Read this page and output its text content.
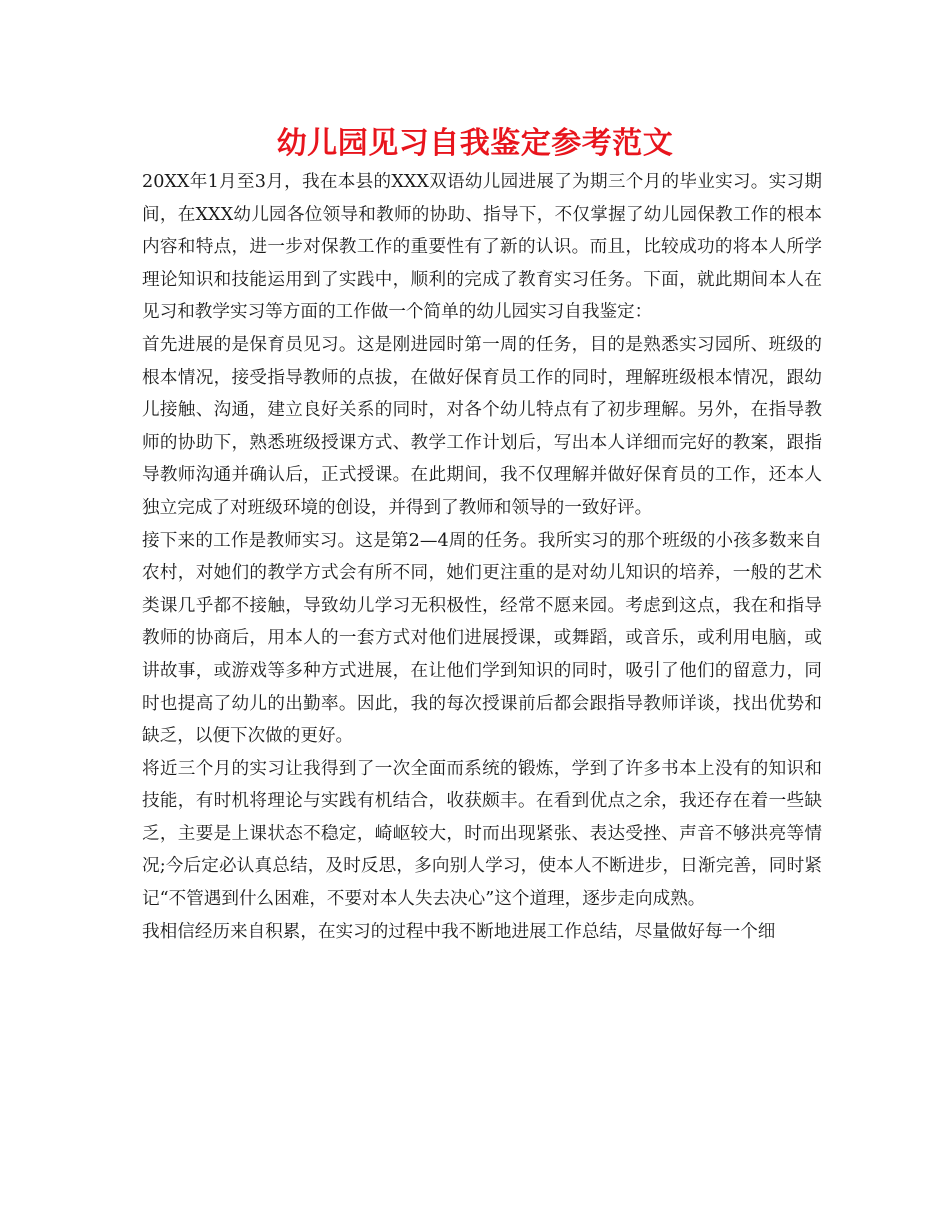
幼儿园见习自我鉴定参考范文

20XX年1月至3月，我在本县的XXX双语幼儿园进展了为期三个月的毕业实习。实习期间，在XXX幼儿园各位领导和教师的协助、指导下，不仅掌握了幼儿园保教工作的根本内容和特点，进一步对保教工作的重要性有了新的认识。而且，比较成功的将本人所学理论知识和技能运用到了实践中，顺利的完成了教育实习任务。下面，就此期间本人在见习和教学实习等方面的工作做一个简单的幼儿园实习自我鉴定：

首先进展的是保育员见习。这是刚进园时第一周的任务，目的是熟悉实习园所、班级的根本情况，接受指导教师的点拔，在做好保育员工作的同时，理解班级根本情况，跟幼儿接触、沟通，建立良好关系的同时，对各个幼儿特点有了初步理解。另外，在指导教师的协助下，熟悉班级授课方式、教学工作计划后，写出本人详细而完好的教案，跟指导教师沟通并确认后，正式授课。在此期间，我不仅理解并做好保育员的工作，还本人独立完成了对班级环境的创设，并得到了教师和领导的一致好评。

接下来的工作是教师实习。这是第2—4周的任务。我所实习的那个班级的小孩多数来自农村，对她们的教学方式会有所不同，她们更注重的是对幼儿知识的培养，一般的艺术类课几乎都不接触，导致幼儿学习无积极性，经常不愿来园。考虑到这点，我在和指导教师的协商后，用本人的一套方式对他们进展授课，或舞蹈，或音乐，或利用电脑，或讲故事，或游戏等多种方式进展，在让他们学到知识的同时，吸引了他们的留意力，同时也提高了幼儿的出勤率。因此，我的每次授课前后都会跟指导教师详谈，找出优势和缺乏，以便下次做的更好。

将近三个月的实习让我得到了一次全面而系统的锻炼，学到了许多书本上没有的知识和技能，有时机将理论与实践有机结合，收获颇丰。在看到优点之余，我还存在着一些缺乏，主要是上课状态不稳定，崎岖较大，时而出现紧张、表达受挫、声音不够洪亮等情况;今后定必认真总结，及时反思，多向别人学习，使本人不断进步，日渐完善，同时紧记“不管遇到什么困难，不要对本人失去决心”这个道理，逐步走向成熟。

我相信经历来自积累，在实习的过程中我不断地进展工作总结，尽量做好每一个细
